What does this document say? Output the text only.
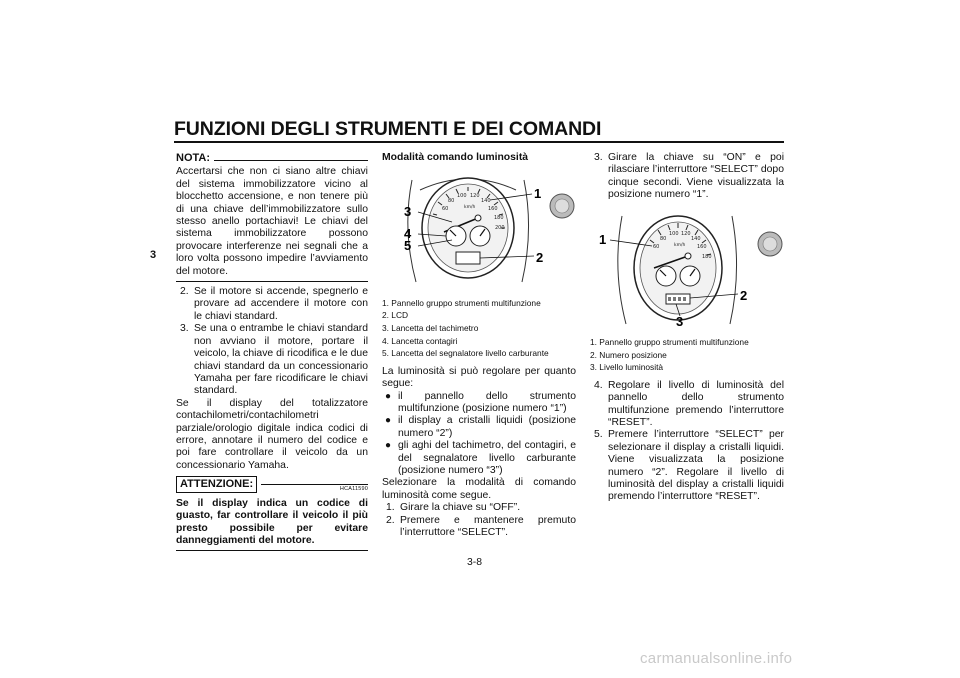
FUNZIONI DEGLI STRUMENTI E DEI COMANDI
3
NOTA:
Accertarsi che non ci siano altre chiavi del sistema immobilizzatore vicino al blocchetto accensione, e non tenere più di una chiave dell’immobilizzatore sullo stesso anello portachiavi! Le chiavi del sistema immobilizzatore possono provocare interferenze nei segnali che a loro volta possono impedire l’avviamento del motore.
2. Se il motore si accende, spegnerlo e provare ad accendere il motore con le chiavi standard.
3. Se una o entrambe le chiavi standard non avviano il motore, portare il veicolo, la chiave di ricodifica e le due chiavi standard da un concessionario Yamaha per fare ricodificare le chiavi standard.
Se il display del totalizzatore contachilometri/contachilometri parziale/orologio digitale indica codici di errore, annotare il numero del codice e poi fare controllare il veicolo da un concessionario Yamaha.
ATTENZIONE:	HCA11590
Se il display indica un codice di guasto, far controllare il veicolo il più presto possibile per evitare danneggiamenti del motore.
Modalità comando luminosità
60
80
100 120
140
160
180
200
km/h
1
2
3
4
5
1. Pannello gruppo strumenti multifunzione
2. LCD
3. Lancetta del tachimetro
4. Lancetta contagiri
5. Lancetta del segnalatore livello carburante
La luminosità si può regolare per quanto segue:
● il pannello dello strumento multifunzione (posizione numero “1”)
● il display a cristalli liquidi (posizione numero “2”)
● gli aghi del tachimetro, del contagiri, e del segnalatore livello carburante (posizione numero “3”)
Selezionare la modalità di comando luminosità come segue.
1. Girare la chiave su “OFF”.
2. Premere e mantenere premuto l’interruttore “SELECT”.
3. Girare la chiave su “ON” e poi rilasciare l’interruttore “SELECT” dopo cinque secondi. Viene visualizzata la posizione numero “1”.
60
80
100 120
140
160
180
km/h
1
2
3
1. Pannello gruppo strumenti multifunzione
2. Numero posizione
3. Livello luminosità
4. Regolare il livello di luminosità del pannello dello strumento multifunzione premendo l’interruttore “RESET”.
5. Premere l’interruttore “SELECT” per selezionare il display a cristalli liquidi. Viene visualizzata la posizione numero “2”. Regolare il livello di luminosità del display a cristalli liquidi premendo l’interruttore “RESET”.
3-8
carmanualsonline.info
